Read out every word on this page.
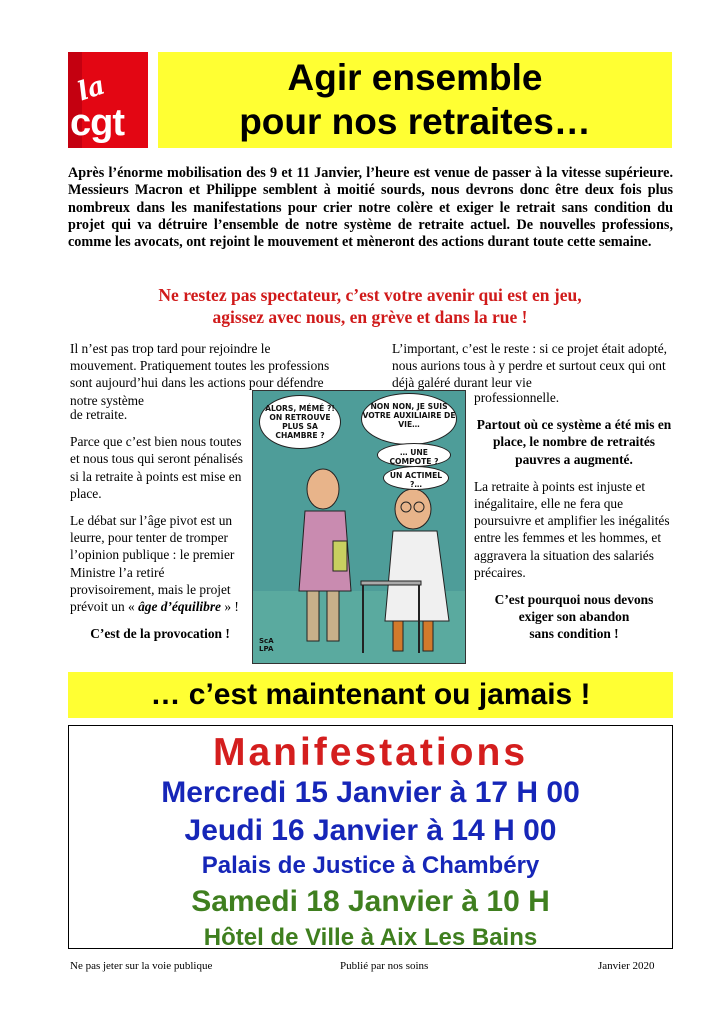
la
cgt
Agir ensemble
pour nos retraites…
Après l’énorme mobilisation des 9 et 11 Janvier, l’heure est venue de passer à la vitesse supérieure. Messieurs Macron et Philippe semblent à moitié sourds, nous devrons donc être deux fois plus nombreux dans les manifestations pour crier notre colère et exiger le retrait sans condition du projet qui va détruire l’ensemble de notre système de retraite actuel. De nouvelles professions, comme les avocats, ont rejoint le mouvement et mèneront des actions durant toute cette semaine.
Ne restez pas spectateur, c’est votre avenir qui est en jeu,
agissez avec nous, en grève et dans la rue !

Il n’est pas trop tard pour rejoindre le mouvement. Pratiquement toutes les professions sont aujourd’hui dans les actions pour défendre notre système

de retraite.

Parce que c’est bien nous toutes et nous tous qui seront pénalisés si la retraite à points est mise en place.

Le débat sur l’âge pivot est un leurre, pour tenter de tromper l’opinion publique : le premier Ministre l’a retiré provisoirement, mais le projet prévoit un « âge d’équilibre » !

C’est de la provocation !

L’important, c’est le reste : si ce projet était adopté, nous aurions tous à y perdre et surtout ceux qui ont déjà galéré durant leur vie

professionnelle.

Partout où ce système a été mis en place, le nombre de retraités pauvres a augmenté.

La retraite à points est injuste et inégalitaire, elle ne fera que poursuivre et amplifier les inégalités entre les femmes et les hommes, et aggravera la situation des salariés précaires.

C’est pourquoi nous devons

exiger son abandon

sans condition !

ALORS, MÉMÉ ?! ON RETROUVE PLUS SA CHAMBRE ?
NON NON, JE SUIS VOTRE AUXILIAIRE DE VIE…
… UNE COMPOTE ?
UN ACTIMEL ?…
ScA LPA
… c’est maintenant ou jamais !
Manifestations
Mercredi 15 Janvier à 17 H 00
Jeudi 16 Janvier à 14 H 00
Palais de Justice à Chambéry
Samedi 18 Janvier à 10 H
Hôtel de Ville à Aix Les Bains
Ne pas jeter sur la voie publique	Publié par nos soins	Janvier 2020
